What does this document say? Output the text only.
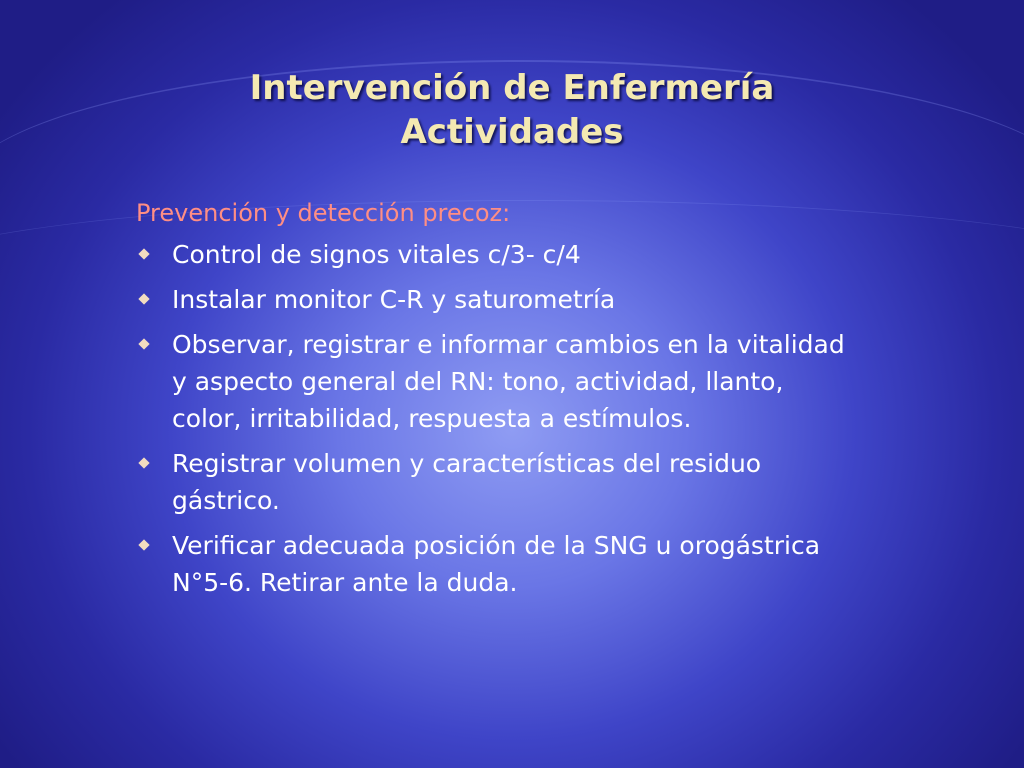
Intervención de Enfermería
Actividades

Prevención y detección precoz:

Control de signos vitales c/3- c/4
Instalar monitor C-R y saturometría
Observar, registrar e informar cambios en la vitalidad y aspecto general del RN: tono, actividad, llanto, color, irritabilidad, respuesta a estímulos.
Registrar volumen y características del residuo gástrico.
Verificar adecuada posición de la SNG u orogástrica N°5-6. Retirar ante la duda.
